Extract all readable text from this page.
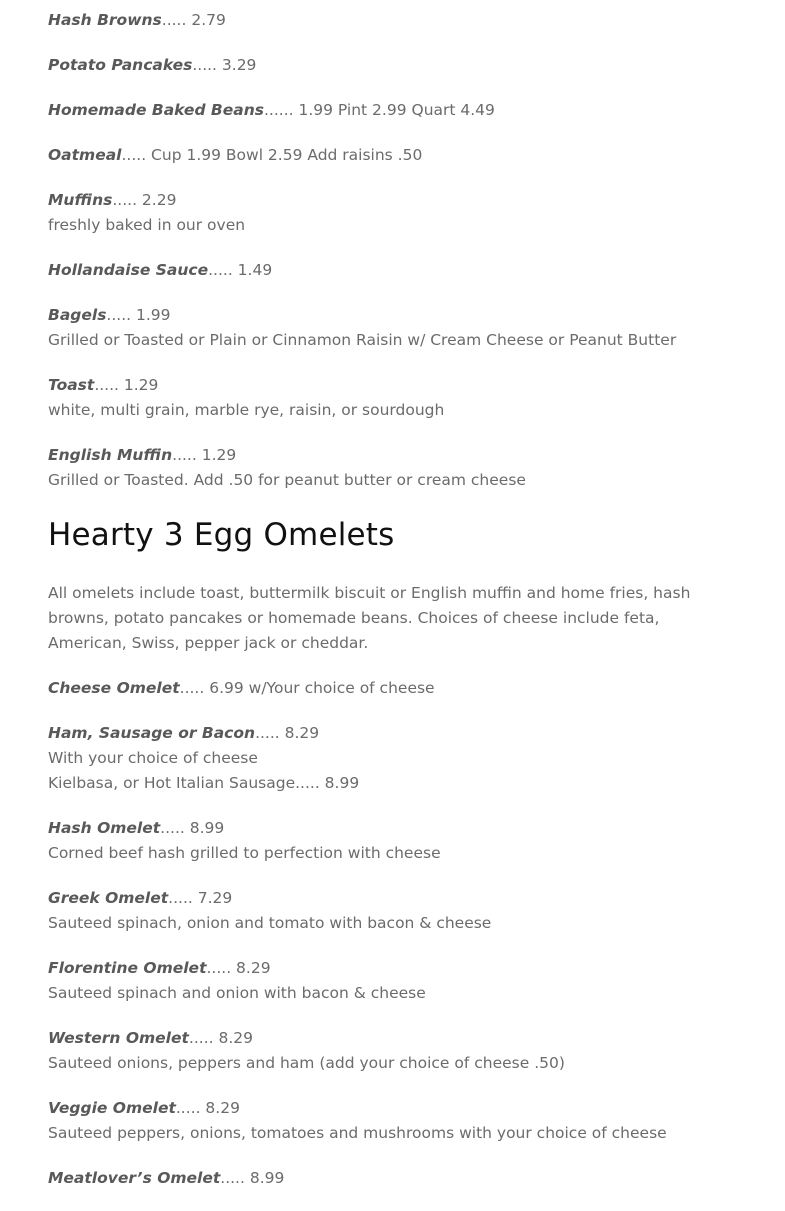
Hash Browns..... 2.79
Potato Pancakes..... 3.29
Homemade Baked Beans...... 1.99 Pint 2.99 Quart 4.49
Oatmeal..... Cup 1.99 Bowl 2.59 Add raisins .50
Muffins..... 2.29
freshly baked in our oven
Hollandaise Sauce..... 1.49
Bagels..... 1.99
Grilled or Toasted or Plain or Cinnamon Raisin w/ Cream Cheese or Peanut Butter
Toast..... 1.29
white, multi grain, marble rye, raisin, or sourdough
English Muffin..... 1.29
Grilled or Toasted. Add .50 for peanut butter or cream cheese
Hearty 3 Egg Omelets
All omelets include toast, buttermilk biscuit or English muffin and home fries, hash browns, potato pancakes or homemade beans. Choices of cheese include feta, American, Swiss, pepper jack or cheddar.
Cheese Omelet..... 6.99 w/Your choice of cheese
Ham, Sausage or Bacon..... 8.29
With your choice of cheese
Kielbasa, or Hot Italian Sausage..... 8.99
Hash Omelet..... 8.99
Corned beef hash grilled to perfection with cheese
Greek Omelet..... 7.29
Sauteed spinach, onion and tomato with bacon & cheese
Florentine Omelet..... 8.29
Sauteed spinach and onion with bacon & cheese
Western Omelet..... 8.29
Sauteed onions, peppers and ham (add your choice of cheese .50)
Veggie Omelet..... 8.29
Sauteed peppers, onions, tomatoes and mushrooms with your choice of cheese
Meatlover’s Omelet..... 8.99
